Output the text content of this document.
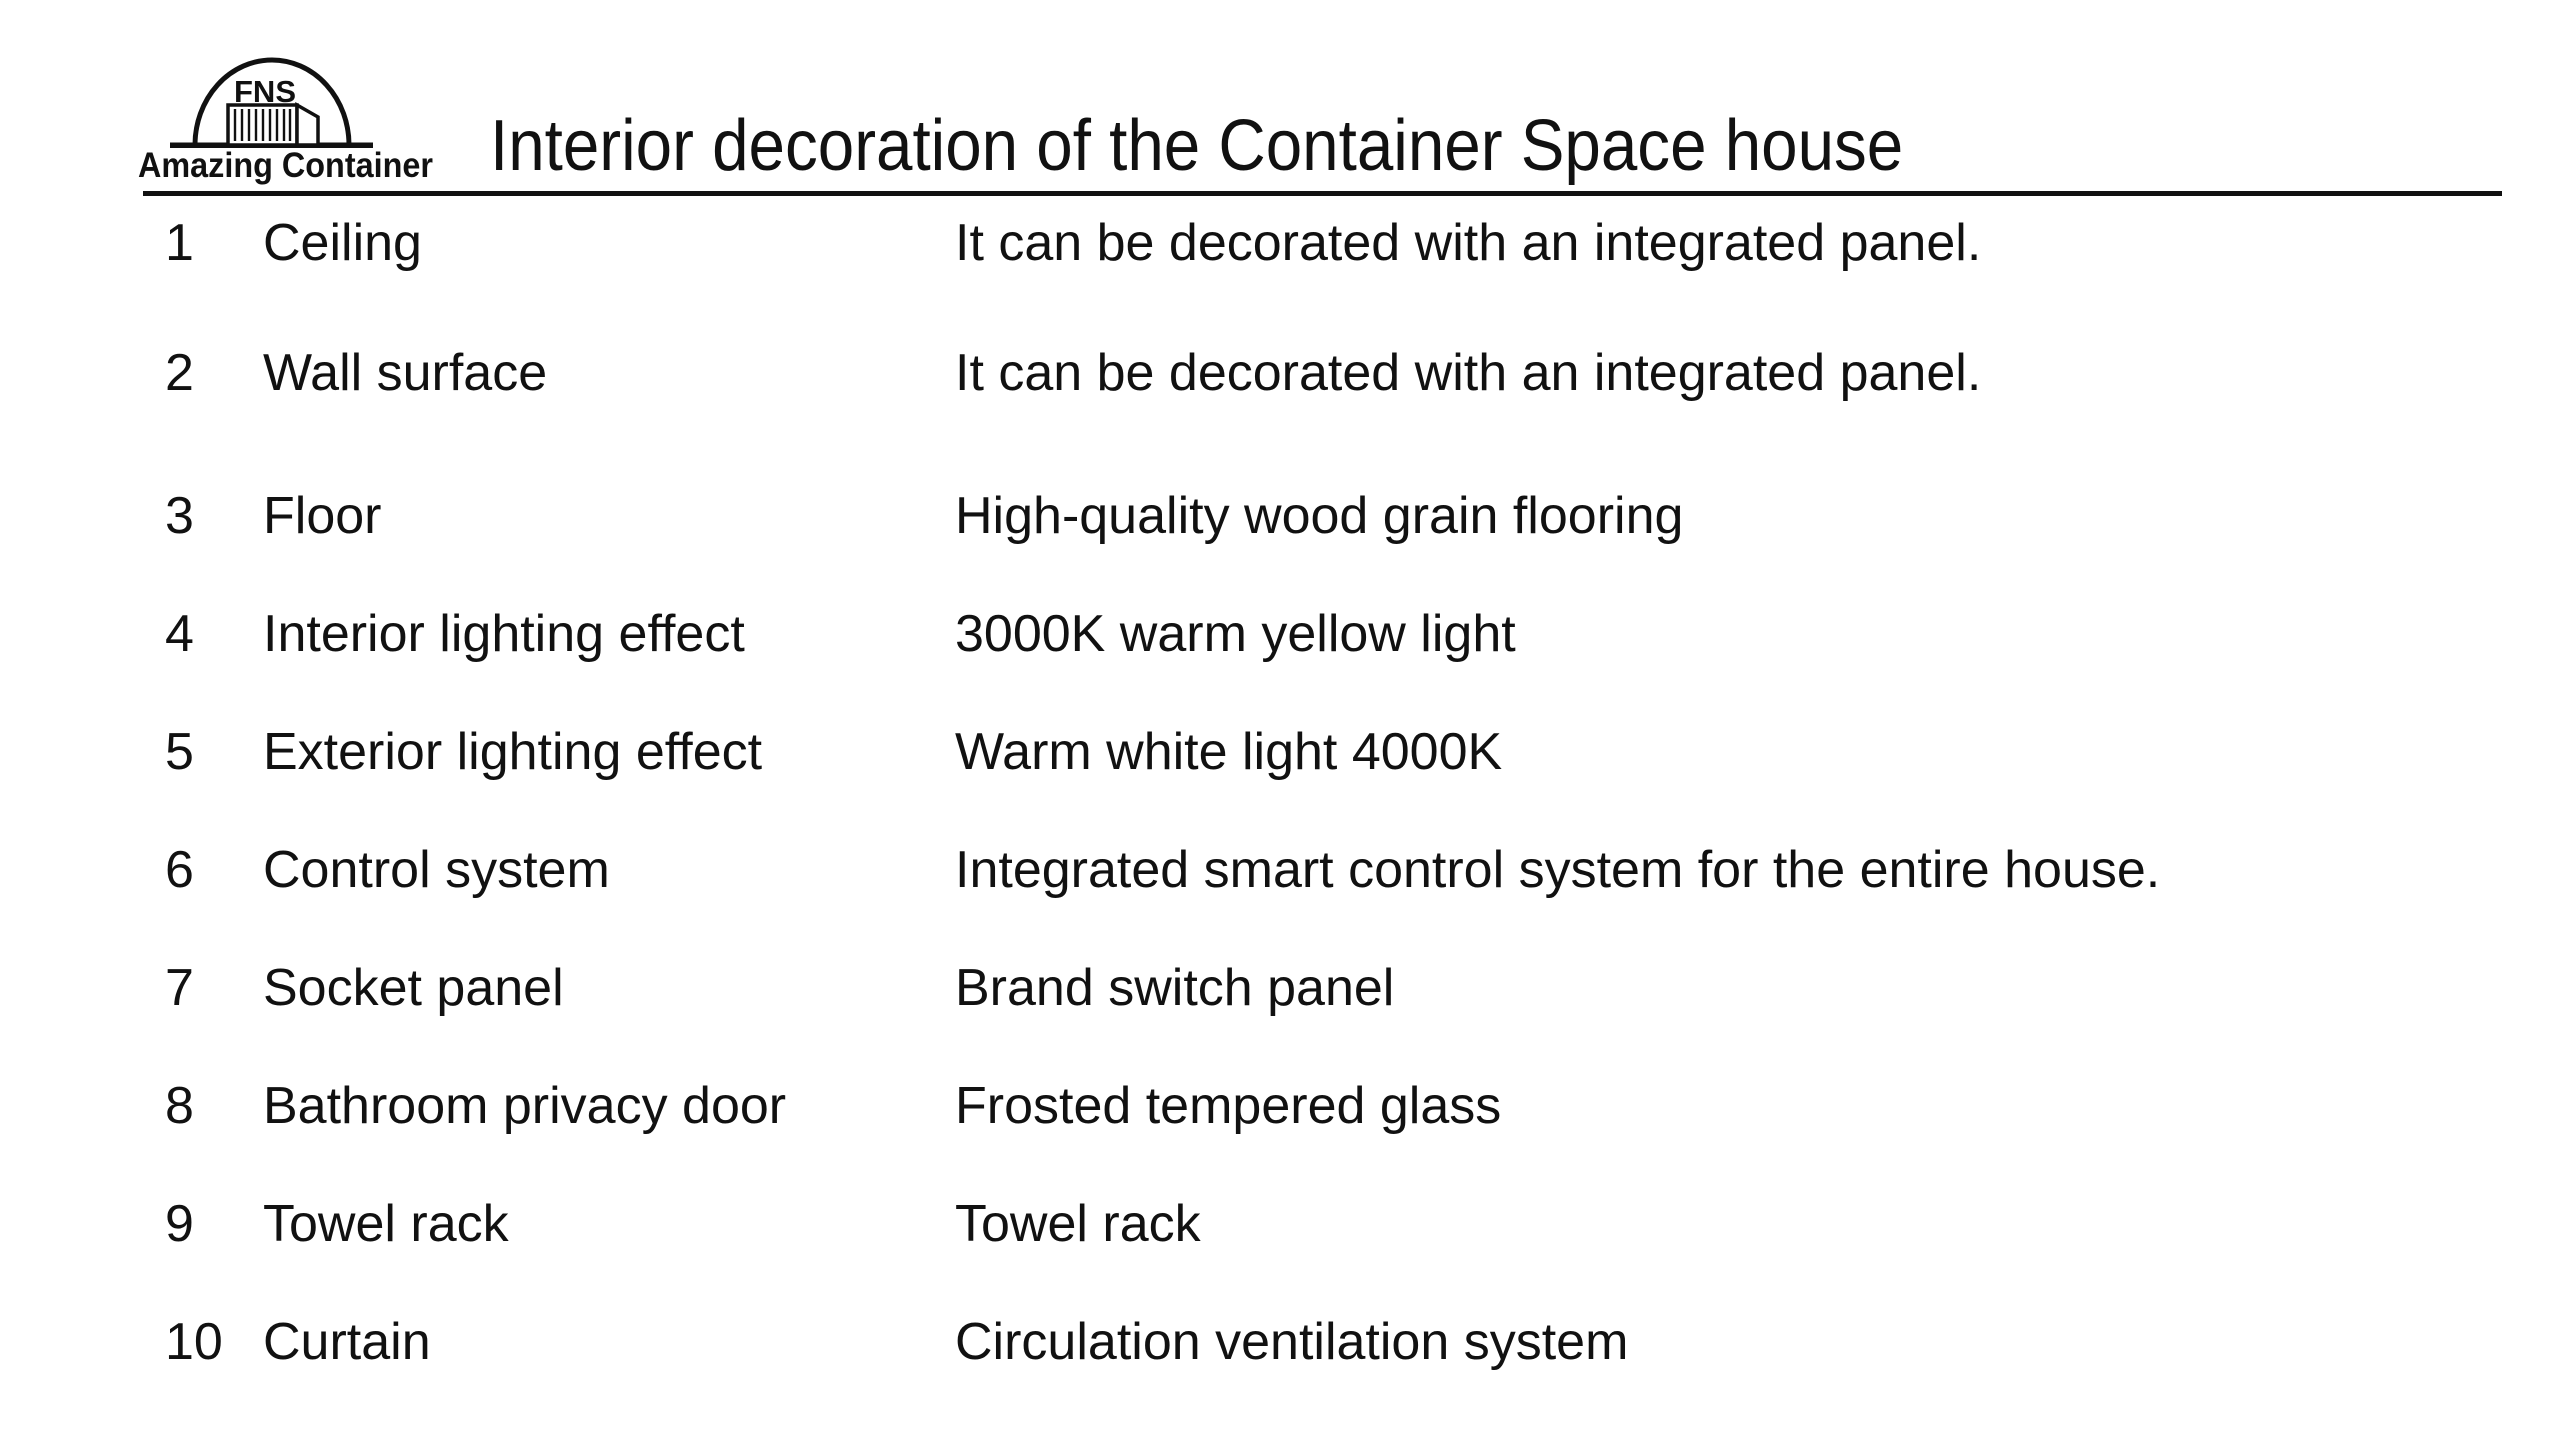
FNS
Amazing Container Interior decoration of the Container Space house
1	Ceiling	It can be decorated with an integrated panel.
2	Wall surface	It can be decorated with an integrated panel.
3	Floor	High-quality wood grain flooring
4	Interior lighting effect	3000K warm yellow light
5	Exterior lighting effect	Warm white light 4000K
6	Control system	Integrated smart control system for the entire house.
7	Socket panel	Brand switch panel
8	Bathroom privacy door	Frosted tempered glass
9	Towel rack	Towel rack
10 Curtain	Circulation ventilation system
